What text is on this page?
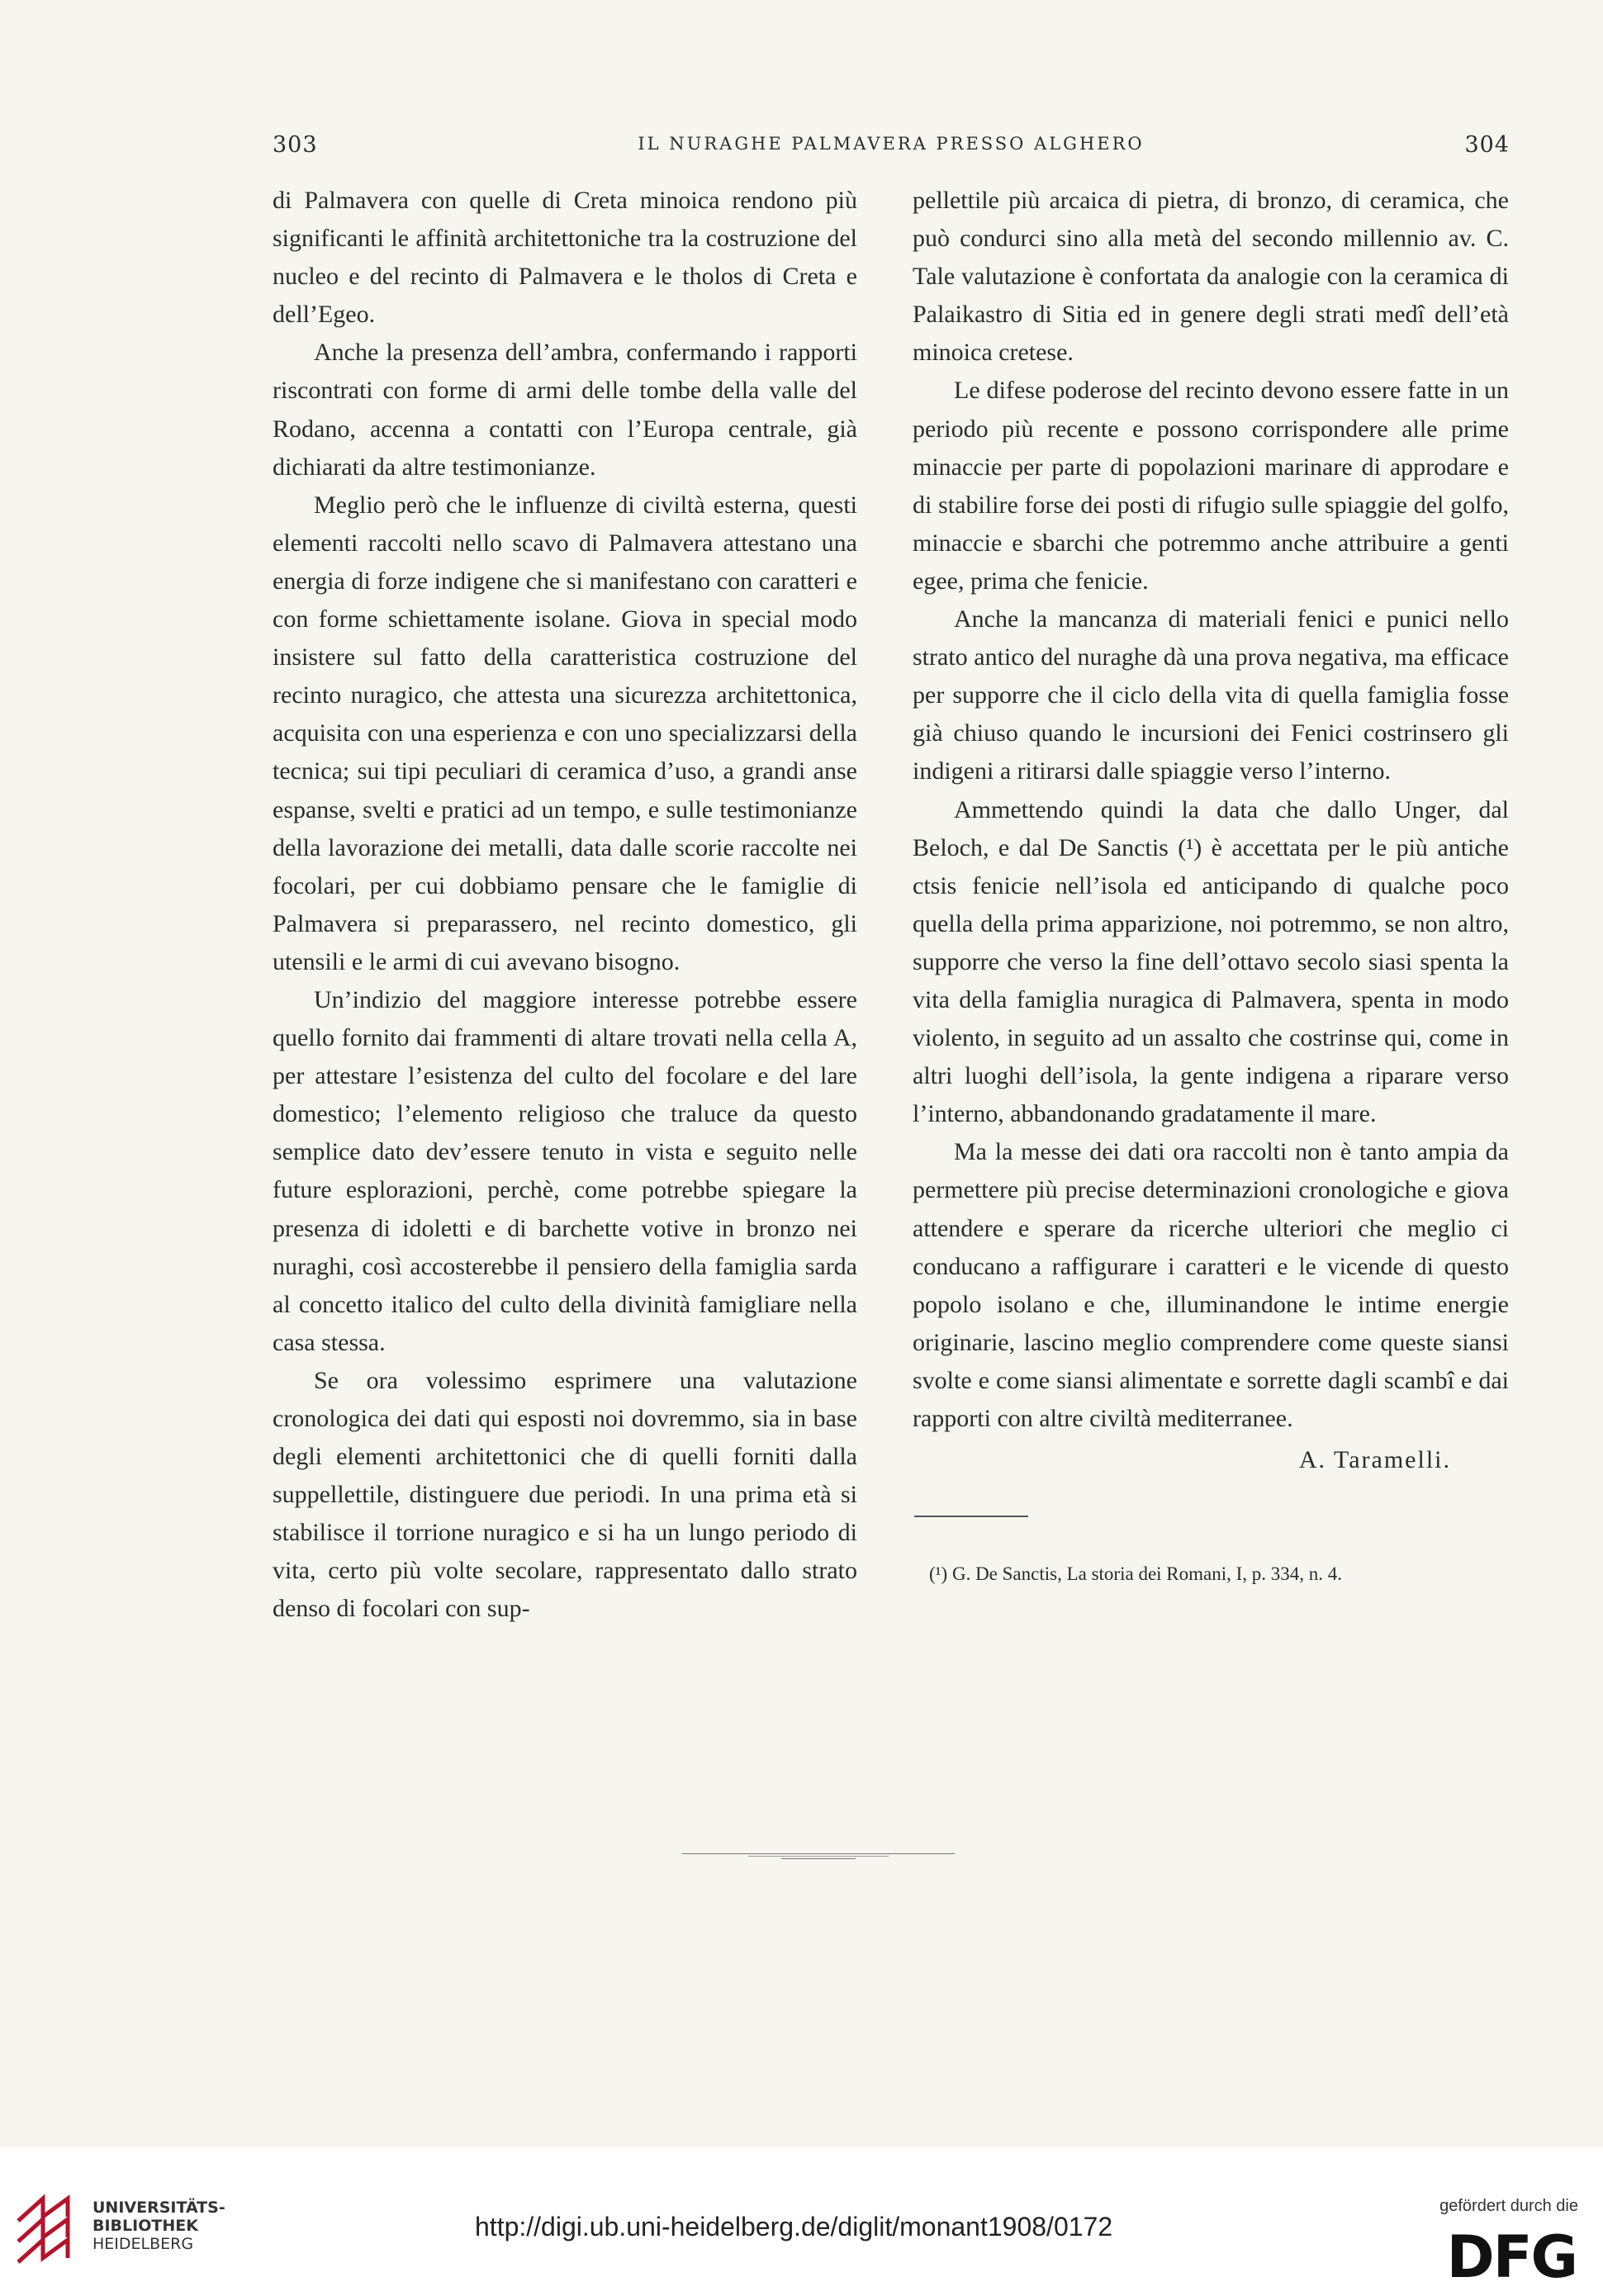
303	IL NURAGHE PALMAVERA PRESSO ALGHERO	304

di Palmavera con quelle di Creta minoica rendono più significanti le affinità architettoniche tra la costruzione del nucleo e del recinto di Palmavera e le tholos di Creta e dell’Egeo.

Anche la presenza dell’ambra, confermando i rapporti riscontrati con forme di armi delle tombe della valle del Rodano, accenna a contatti con l’Europa centrale, già dichiarati da altre testimonianze.

Meglio però che le influenze di civiltà esterna, questi elementi raccolti nello scavo di Palmavera attestano una energia di forze indigene che si manifestano con caratteri e con forme schiettamente isolane. Giova in special modo insistere sul fatto della caratteristica costruzione del recinto nuragico, che attesta una sicurezza architettonica, acquisita con una esperienza e con uno specializzarsi della tecnica; sui tipi peculiari di ceramica d’uso, a grandi anse espanse, svelti e pratici ad un tempo, e sulle testimonianze della lavorazione dei metalli, data dalle scorie raccolte nei focolari, per cui dobbiamo pensare che le famiglie di Palmavera si preparassero, nel recinto domestico, gli utensili e le armi di cui avevano bisogno.

Un’indizio del maggiore interesse potrebbe essere quello fornito dai frammenti di altare trovati nella cella A, per attestare l’esistenza del culto del focolare e del lare domestico; l’elemento religioso che traluce da questo semplice dato dev’essere tenuto in vista e seguito nelle future esplorazioni, perchè, come potrebbe spiegare la presenza di idoletti e di barchette votive in bronzo nei nuraghi, così accosterebbe il pensiero della famiglia sarda al concetto italico del culto della divinità famigliare nella casa stessa.

Se ora volessimo esprimere una valutazione cronologica dei dati qui esposti noi dovremmo, sia in base degli elementi architettonici che di quelli forniti dalla suppellettile, distinguere due periodi. In una prima età si stabilisce il torrione nuragico e si ha un lungo periodo di vita, certo più volte secolare, rappresentato dallo strato denso di focolari con sup-

pellettile più arcaica di pietra, di bronzo, di ceramica, che può condurci sino alla metà del secondo millennio av. C. Tale valutazione è confortata da analogie con la ceramica di Palaikastro di Sitia ed in genere degli strati medî dell’età minoica cretese.

Le difese poderose del recinto devono essere fatte in un periodo più recente e possono corrispondere alle prime minaccie per parte di popolazioni marinare di approdare e di stabilire forse dei posti di rifugio sulle spiaggie del golfo, minaccie e sbarchi che potremmo anche attribuire a genti egee, prima che fenicie.

Anche la mancanza di materiali fenici e punici nello strato antico del nuraghe dà una prova negativa, ma efficace per supporre che il ciclo della vita di quella famiglia fosse già chiuso quando le incursioni dei Fenici costrinsero gli indigeni a ritirarsi dalle spiaggie verso l’interno.

Ammettendo quindi la data che dallo Unger, dal Beloch, e dal De Sanctis (¹) è accettata per le più antiche ctsis fenicie nell’isola ed anticipando di qualche poco quella della prima apparizione, noi potremmo, se non altro, supporre che verso la fine dell’ottavo secolo siasi spenta la vita della famiglia nuragica di Palmavera, spenta in modo violento, in seguito ad un assalto che costrinse qui, come in altri luoghi dell’isola, la gente indigena a riparare verso l’interno, abbandonando gradatamente il mare.

Ma la messe dei dati ora raccolti non è tanto ampia da permettere più precise determinazioni cronologiche e giova attendere e sperare da ricerche ulteriori che meglio ci conducano a raffigurare i caratteri e le vicende di questo popolo isolano e che, illuminandone le intime energie originarie, lascino meglio comprendere come queste siansi svolte e come siansi alimentate e sorrette dagli scambî e dai rapporti con altre civiltà mediterranee.

A. Taramelli.
(¹) G. De Sanctis, La storia dei Romani, I, p. 334, n. 4.
UNIVERSITÄTS-
BIBLIOTHEK
HEIDELBERG
http://digi.ub.uni-heidelberg.de/diglit/monant1908/0172
gefördert durch die
DFG
